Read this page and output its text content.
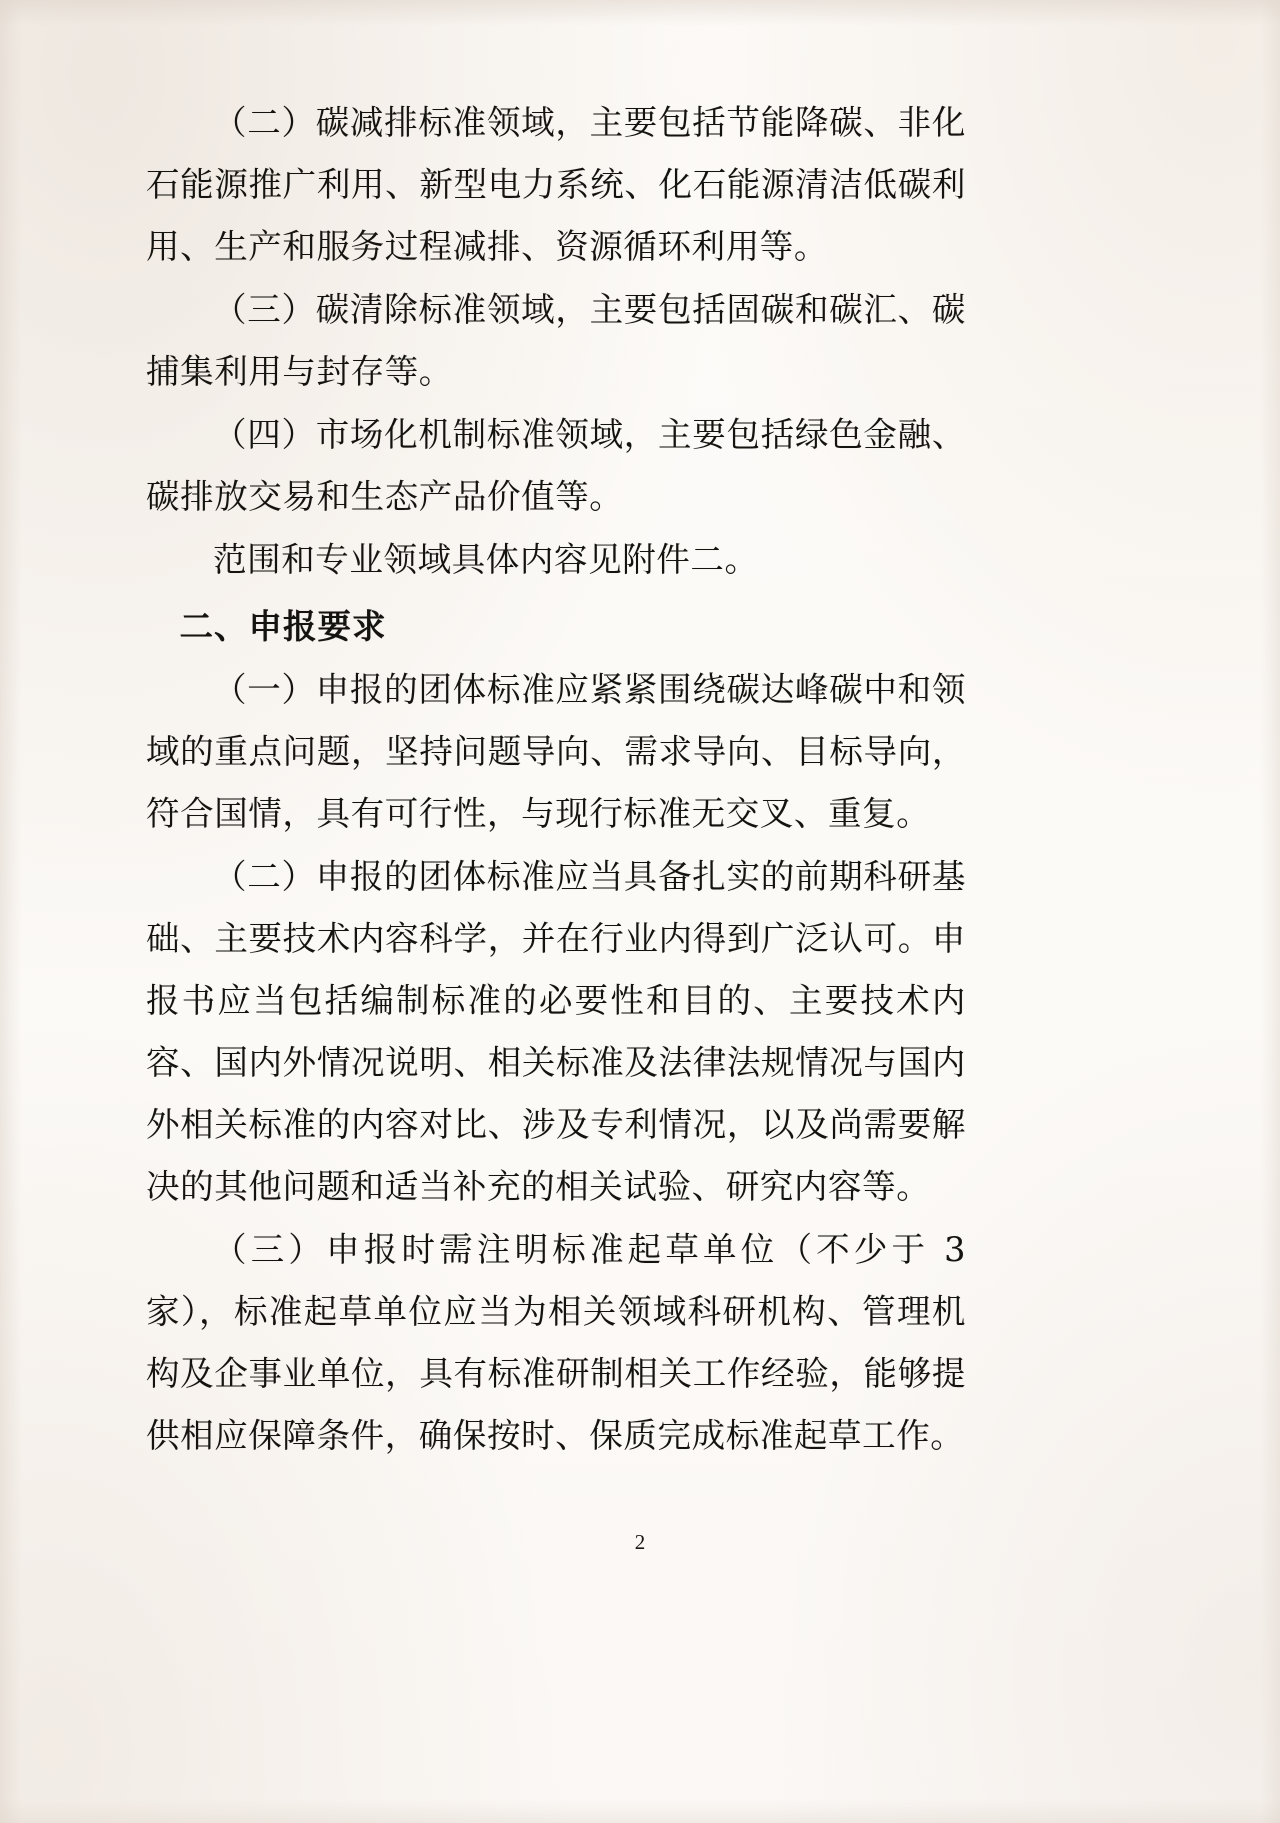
（二）碳减排标准领域，主要包括节能降碳、非化石能源推广利用、新型电力系统、化石能源清洁低碳利用、生产和服务过程减排、资源循环利用等。

（三）碳清除标准领域，主要包括固碳和碳汇、碳捕集利用与封存等。

（四）市场化机制标准领域，主要包括绿色金融、碳排放交易和生态产品价值等。

范围和专业领域具体内容见附件二。

二、申报要求

（一）申报的团体标准应紧紧围绕碳达峰碳中和领域的重点问题，坚持问题导向、需求导向、目标导向，符合国情，具有可行性，与现行标准无交叉、重复。

（二）申报的团体标准应当具备扎实的前期科研基础、主要技术内容科学，并在行业内得到广泛认可。申报书应当包括编制标准的必要性和目的、主要技术内容、国内外情况说明、相关标准及法律法规情况与国内外相关标准的内容对比、涉及专利情况，以及尚需要解决的其他问题和适当补充的相关试验、研究内容等。

（三）申报时需注明标准起草单位（不少于 3 家），标准起草单位应当为相关领域科研机构、管理机构及企事业单位，具有标准研制相关工作经验，能够提供相应保障条件，确保按时、保质完成标准起草工作。

2
